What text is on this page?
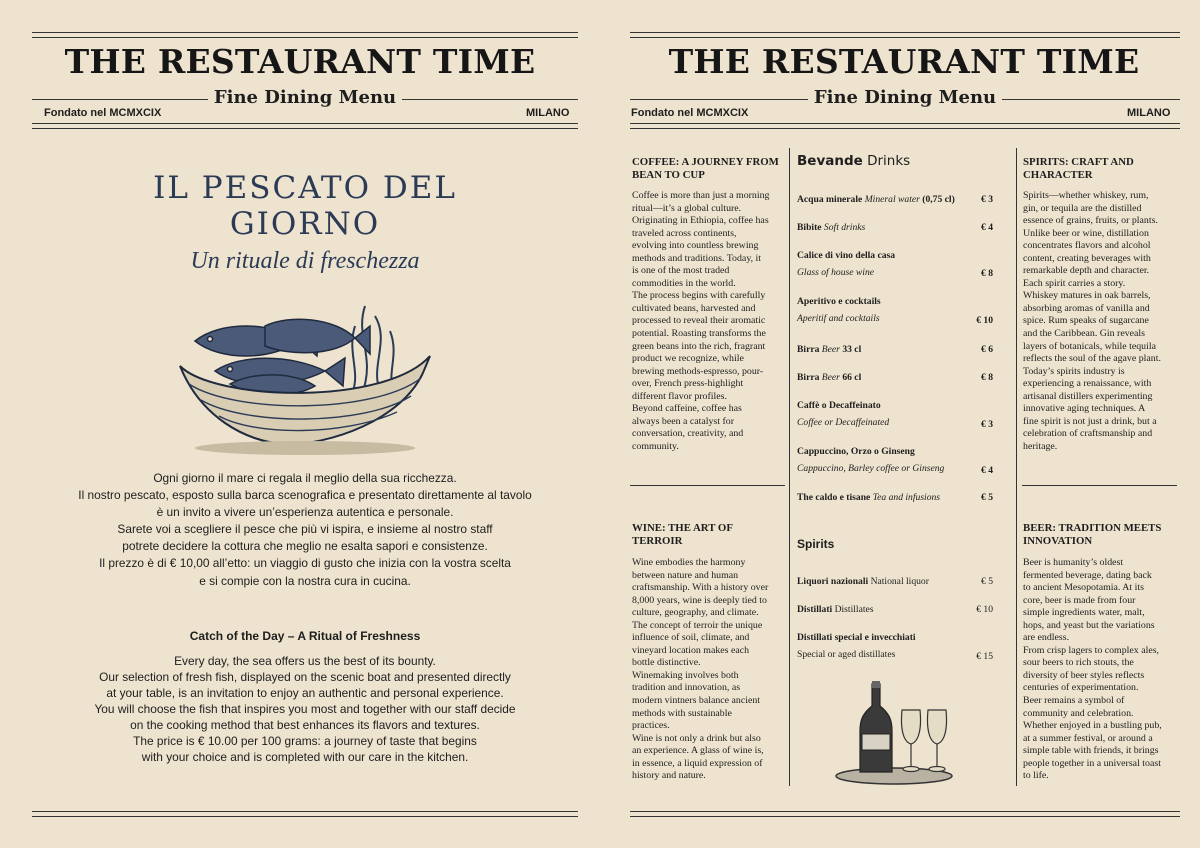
THE RESTAURANT TIME
Fine Dining Menu
Fondato nel MCMXCIX	MILANO
IL PESCATO DEL
GIORNO
Un rituale di freschezza
Ogni giorno il mare ci regala il meglio della sua ricchezza.
Il nostro pescato, esposto sulla barca scenografica e presentato direttamente al tavolo
è un invito a vivere un’esperienza autentica e personale.
Sarete voi a scegliere il pesce che più vi ispira, e insieme al nostro staff
potrete decidere la cottura che meglio ne esalta sapori e consistenze.
Il prezzo è di € 10,00 all’etto: un viaggio di gusto che inizia con la vostra scelta
e si compie con la nostra cura in cucina.
Catch of the Day – A Ritual of Freshness
Every day, the sea offers us the best of its bounty.
Our selection of fresh fish, displayed on the scenic boat and presented directly
at your table, is an invitation to enjoy an authentic and personal experience.
You will choose the fish that inspires you most and together with our staff decide
on the cooking method that best enhances its flavors and textures.
The price is € 10.00 per 100 grams: a journey of taste that begins
with your choice and is completed with our care in the kitchen.
THE RESTAURANT TIME
Fine Dining Menu
Fondato nel MCMXCIX	MILANO
COFFEE: A JOURNEY FROM BEAN TO CUP
Coffee is more than just a morning
ritual—it’s a global culture.
Originating in Ethiopia, coffee has
traveled across continents,
evolving into countless brewing
methods and traditions. Today, it
is one of the most traded
commodities in the world.
The process begins with carefully
cultivated beans, harvested and
processed to reveal their aromatic
potential. Roasting transforms the
green beans into the rich, fragrant
product we recognize, while
brewing methods-espresso, pour-
over, French press-highlight
different flavor profiles.
Beyond caffeine, coffee has
always been a catalyst for
conversation, creativity, and
community.
WINE: THE ART OF TERROIR
Wine embodies the harmony
between nature and human
craftsmanship. With a history over
8,000 years, wine is deeply tied to
culture, geography, and climate.
The concept of terroir the unique
influence of soil, climate, and
vineyard location makes each
bottle distinctive.
Winemaking involves both
tradition and innovation, as
modern vintners balance ancient
methods with sustainable
practices.
Wine is not only a drink but also
an experience. A glass of wine is,
in essence, a liquid expression of
history and nature.
Bevande Drinks
Acqua minerale Mineral water (0,75 cl)	€ 3
Bibite Soft drinks	€ 4
Calice di vino della casa
Glass of house wine	€ 8
Aperitivo e cocktails
Aperitif and cocktails	€ 10
Birra Beer 33 cl	€ 6
Birra Beer 66 cl	€ 8
Caffè o Decaffeinato
Coffee or Decaffeinated	€ 3
Cappuccino, Orzo o Ginseng
Cappuccino, Barley coffee or Ginseng	€ 4
The caldo e tisane Tea and infusions	€ 5
Spirits
Liquori nazionali National liquor	€ 5
Distillati Distillates	€ 10
Distillati special e invecchiati
Special or aged distillates	€ 15
SPIRITS: CRAFT AND CHARACTER
Spirits—whether whiskey, rum,
gin, or tequila are the distilled
essence of grains, fruits, or plants.
Unlike beer or wine, distillation
concentrates flavors and alcohol
content, creating beverages with
remarkable depth and character.
Each spirit carries a story.
Whiskey matures in oak barrels,
absorbing aromas of vanilla and
spice. Rum speaks of sugarcane
and the Caribbean. Gin reveals
layers of botanicals, while tequila
reflects the soul of the agave plant.
Today’s spirits industry is
experiencing a renaissance, with
artisanal distillers experimenting
innovative aging techniques. A
fine spirit is not just a drink, but a
celebration of craftsmanship and
heritage.
BEER: TRADITION MEETS INNOVATION
Beer is humanity’s oldest
fermented beverage, dating back
to ancient Mesopotamia. At its
core, beer is made from four
simple ingredients water, malt,
hops, and yeast but the variations
are endless.
From crisp lagers to complex ales,
sour beers to rich stouts, the
diversity of beer styles reflects
centuries of experimentation.
Beer remains a symbol of
community and celebration.
Whether enjoyed in a bustling pub,
at a summer festival, or around a
simple table with friends, it brings
people together in a universal toast
to life.
